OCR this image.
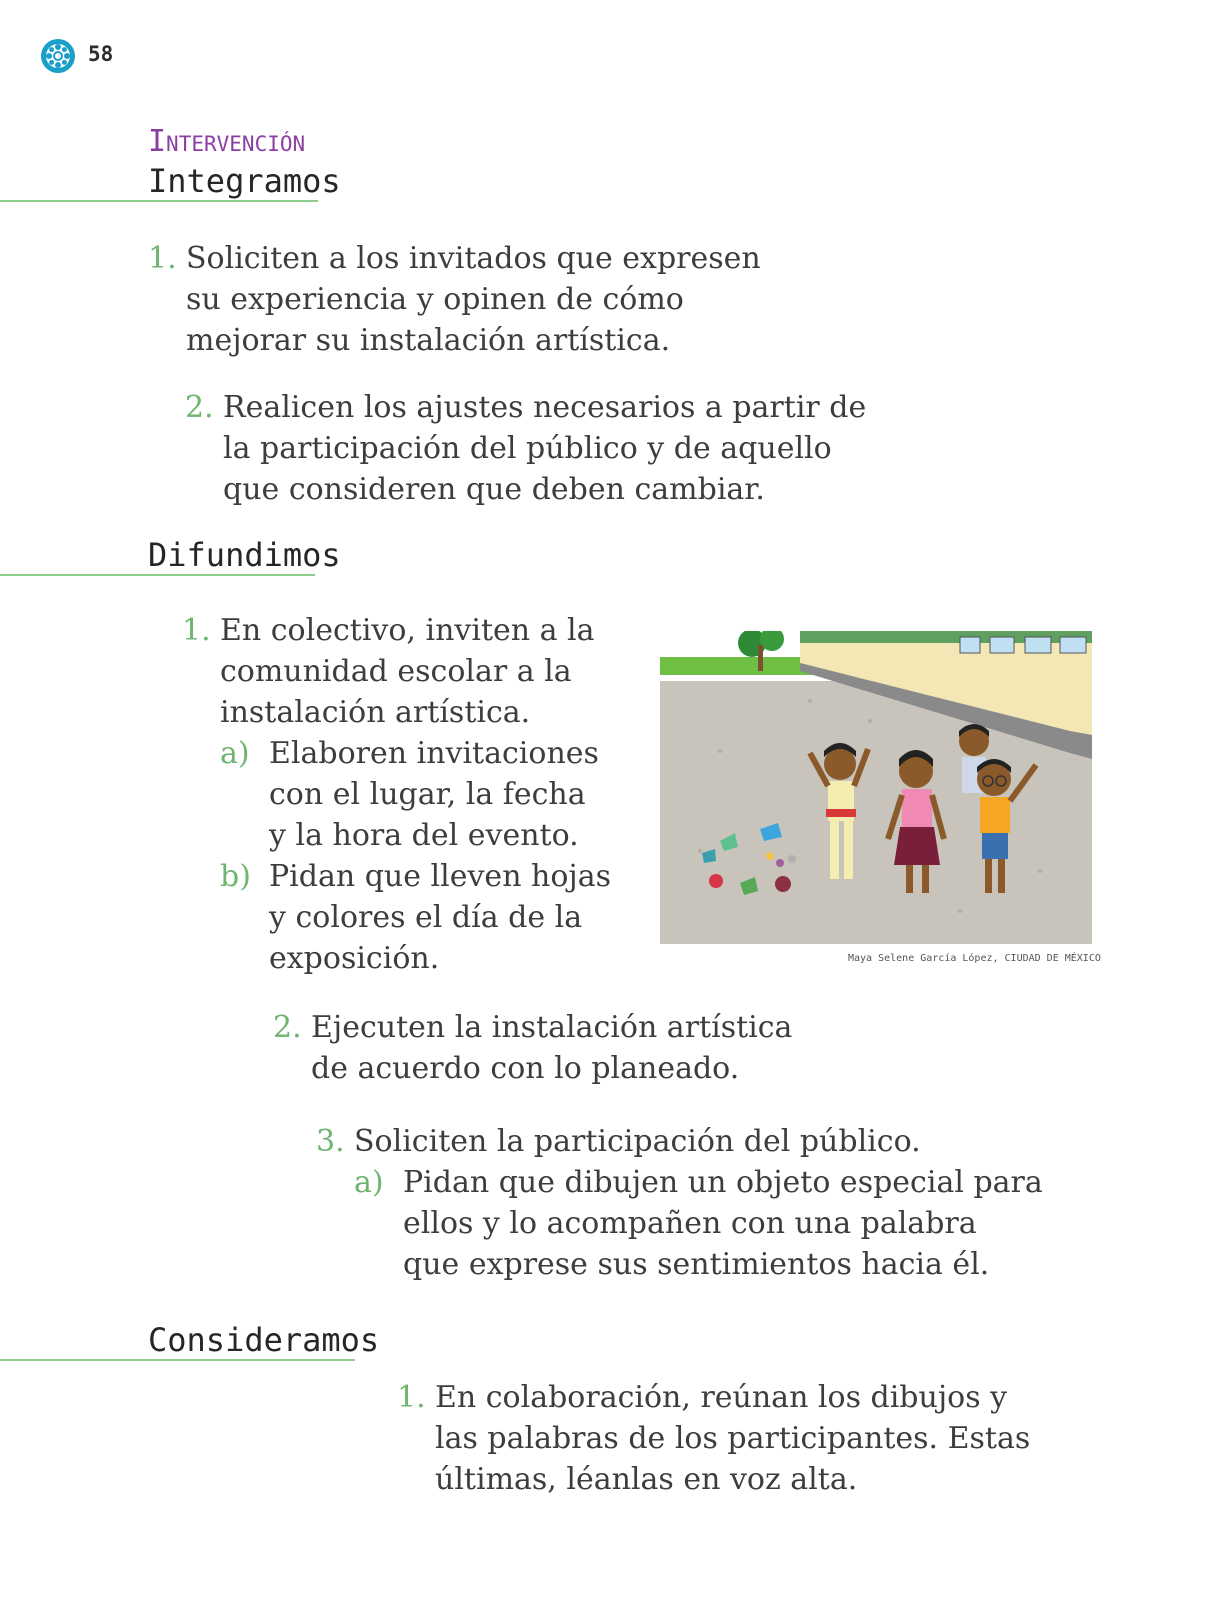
58
Intervención
Integramos
1. Soliciten a los invitados que expresen
su experiencia y opinen de cómo
mejorar su instalación artística.
2. Realicen los ajustes necesarios a partir de
la participación del público y de aquello
que consideren que deben cambiar.
Difundimos
1. En colectivo, inviten a la
comunidad escolar a la
instalación artística.
a) Elaboren invitaciones
con el lugar, la fecha
y la hora del evento.
b) Pidan que lleven hojas
y colores el día de la
exposición.	Maya Selene García López, CIUDAD DE MÉXICO
2. Ejecuten la instalación artística
de acuerdo con lo planeado.
3. Soliciten la participación del público.
a) Pidan que dibujen un objeto especial para
ellos y lo acompañen con una palabra
que exprese sus sentimientos hacia él.
Consideramos
1. En colaboración, reúnan los dibujos y
las palabras de los participantes. Estas
últimas, léanlas en voz alta.
